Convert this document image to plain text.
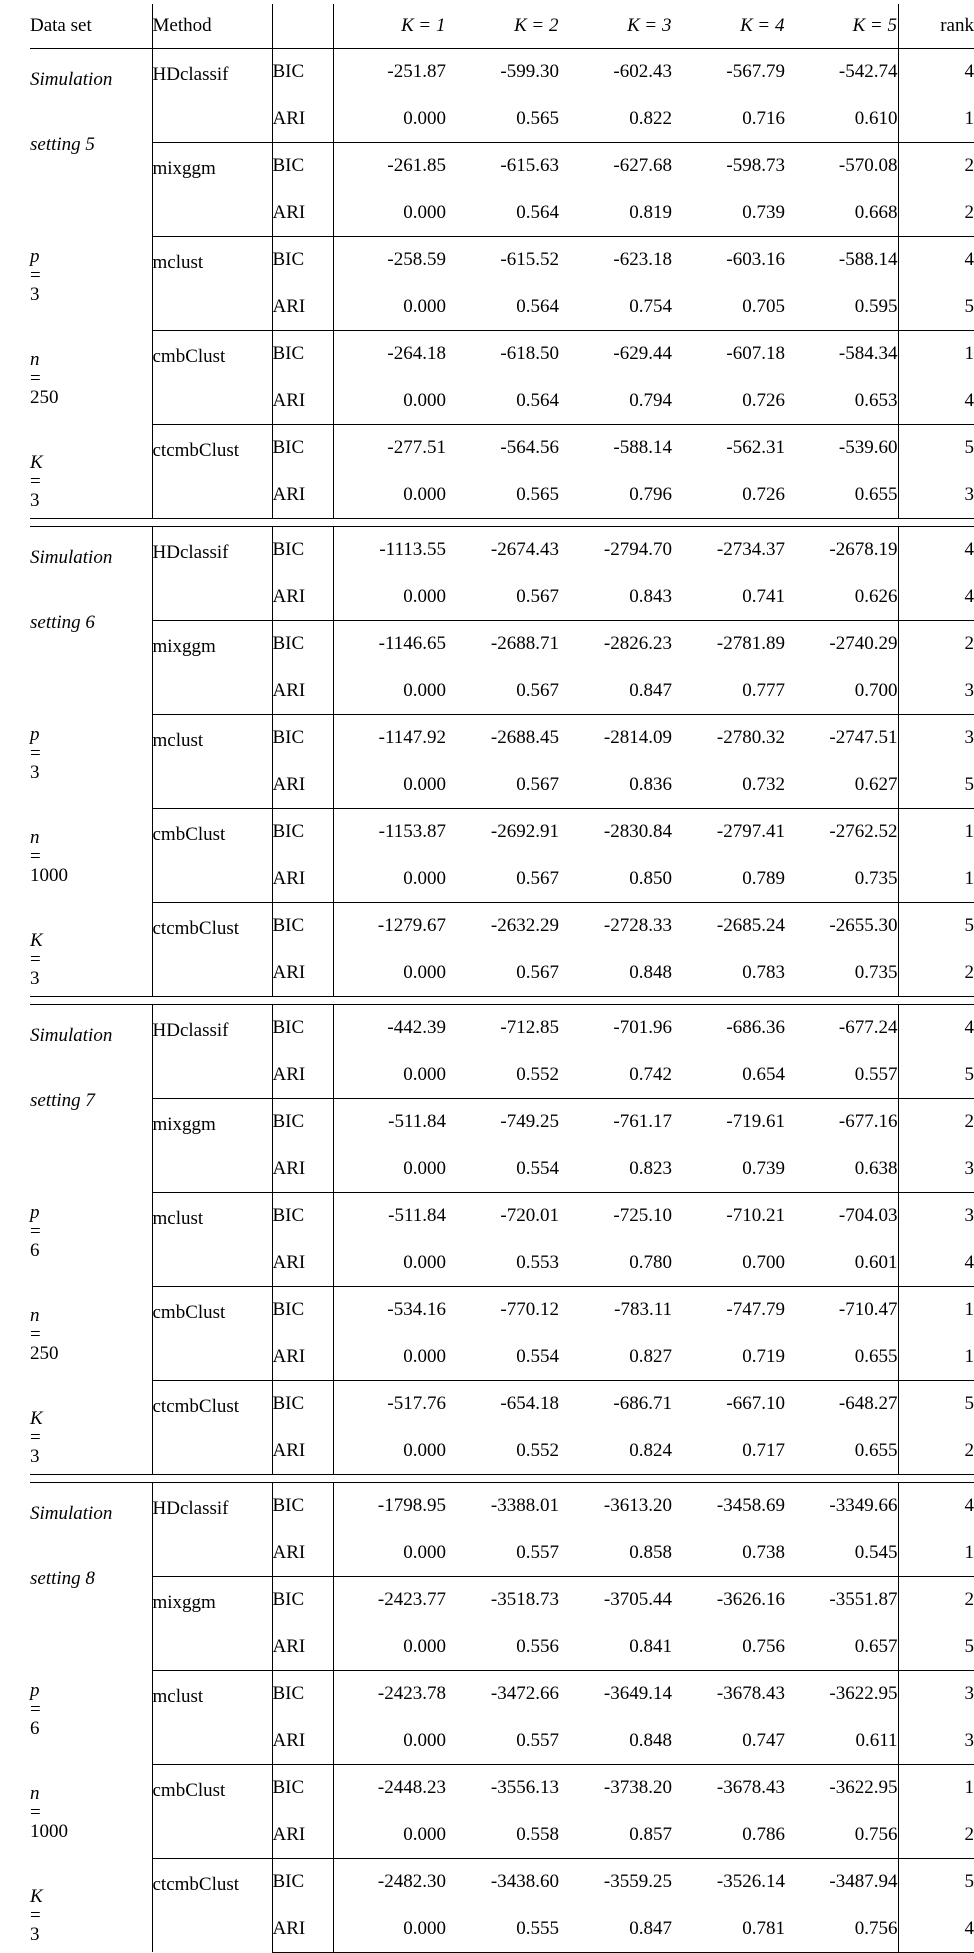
Data set	Method		K = 1	K = 2	K = 3	K = 4	K = 5	rank

Simulation
setting 5
p
=
3
n
=
250
K
=
3
	HDclassif	BIC	-251.87	-599.30	-602.43	-567.79	-542.74	4
		ARI	0.000	0.565	0.822	0.716	0.610	1
	mixggm	BIC	-261.85	-615.63	-627.68	-598.73	-570.08	2
		ARI	0.000	0.564	0.819	0.739	0.668	2
	mclust	BIC	-258.59	-615.52	-623.18	-603.16	-588.14	4
		ARI	0.000	0.564	0.754	0.705	0.595	5
	cmbClust	BIC	-264.18	-618.50	-629.44	-607.18	-584.34	1
		ARI	0.000	0.564	0.794	0.726	0.653	4
	ctcmbClust	BIC	-277.51	-564.56	-588.14	-562.31	-539.60	5
		ARI	0.000	0.565	0.796	0.726	0.655	3

Simulation
setting 6
p
=
3
n
=
1000
K
=
3
	HDclassif	BIC	-1113.55	-2674.43	-2794.70	-2734.37	-2678.19	4
		ARI	0.000	0.567	0.843	0.741	0.626	4
	mixggm	BIC	-1146.65	-2688.71	-2826.23	-2781.89	-2740.29	2
		ARI	0.000	0.567	0.847	0.777	0.700	3
	mclust	BIC	-1147.92	-2688.45	-2814.09	-2780.32	-2747.51	3
		ARI	0.000	0.567	0.836	0.732	0.627	5
	cmbClust	BIC	-1153.87	-2692.91	-2830.84	-2797.41	-2762.52	1
		ARI	0.000	0.567	0.850	0.789	0.735	1
	ctcmbClust	BIC	-1279.67	-2632.29	-2728.33	-2685.24	-2655.30	5
		ARI	0.000	0.567	0.848	0.783	0.735	2

Simulation
setting 7
p
=
6
n
=
250
K
=
3
	HDclassif	BIC	-442.39	-712.85	-701.96	-686.36	-677.24	4
		ARI	0.000	0.552	0.742	0.654	0.557	5
	mixggm	BIC	-511.84	-749.25	-761.17	-719.61	-677.16	2
		ARI	0.000	0.554	0.823	0.739	0.638	3
	mclust	BIC	-511.84	-720.01	-725.10	-710.21	-704.03	3
		ARI	0.000	0.553	0.780	0.700	0.601	4
	cmbClust	BIC	-534.16	-770.12	-783.11	-747.79	-710.47	1
		ARI	0.000	0.554	0.827	0.719	0.655	1
	ctcmbClust	BIC	-517.76	-654.18	-686.71	-667.10	-648.27	5
		ARI	0.000	0.552	0.824	0.717	0.655	2

Simulation
setting 8
p
=
6
n
=
1000
K
=
3
	HDclassif	BIC	-1798.95	-3388.01	-3613.20	-3458.69	-3349.66	4
		ARI	0.000	0.557	0.858	0.738	0.545	1
	mixggm	BIC	-2423.77	-3518.73	-3705.44	-3626.16	-3551.87	2
		ARI	0.000	0.556	0.841	0.756	0.657	5
	mclust	BIC	-2423.78	-3472.66	-3649.14	-3678.43	-3622.95	3
		ARI	0.000	0.557	0.848	0.747	0.611	3
	cmbClust	BIC	-2448.23	-3556.13	-3738.20	-3678.43	-3622.95	1
		ARI	0.000	0.558	0.857	0.786	0.756	2
	ctcmbClust	BIC	-2482.30	-3438.60	-3559.25	-3526.14	-3487.94	5
		ARI	0.000	0.555	0.847	0.781	0.756	4
